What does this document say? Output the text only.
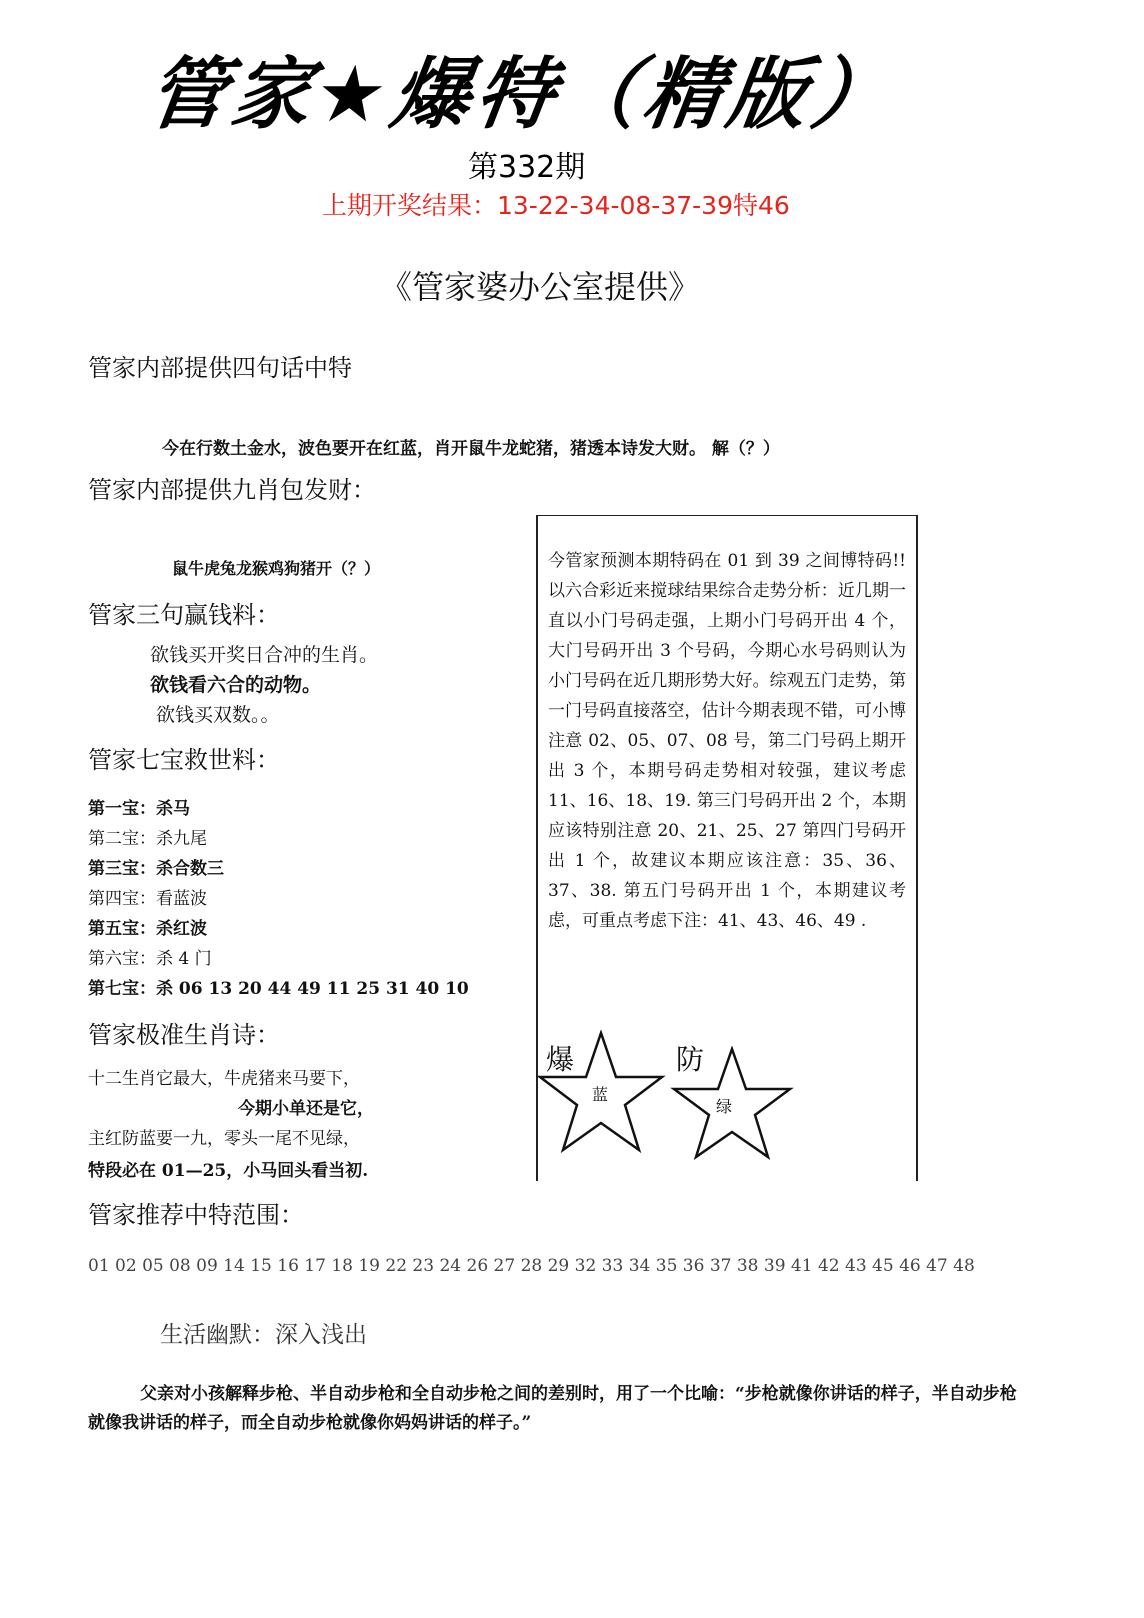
管家★爆特（精版）
第332期
上期开奖结果：13-22-34-08-37-39特46
《管家婆办公室提供》
管家内部提供四句话中特
今在行数土金水，波色要开在红蓝，肖开鼠牛龙蛇猪，猪透本诗发大财。 解（？）
管家内部提供九肖包发财：
鼠牛虎兔龙猴鸡狗猪开（？）
管家三句赢钱料：
欲钱买开奖日合冲的生肖。
欲钱看六合的动物。
欲钱买双数。。
管家七宝救世料：
第一宝：杀马
第二宝：杀九尾
第三宝：杀合数三
第四宝：看蓝波
第五宝：杀红波
第六宝：杀 4 门
第七宝：杀 06 13 20 44 49 11 25 31 40 10
管家极准生肖诗：
十二生肖它最大，牛虎猪来马要下，
今期小单还是它，
主红防蓝要一九，零头一尾不见绿，
特段必在 01—25，小马回头看当初.
今管家预测本期特码在 01 到 39 之间博特码!! 以六合彩近来搅球结果综合走势分析：近几期一直以小门号码走强，上期小门号码开出 4 个，大门号码开出 3 个号码，今期心水号码则认为小门号码在近几期形势大好。综观五门走势，第一门号码直接落空，估计今期表现不错，可小博注意 02、05、07、08 号，第二门号码上期开出 3 个，本期号码走势相对较强，建议考虑 11、16、18、19. 第三门号码开出 2 个，本期应该特别注意 20、21、25、27 第四门号码开出 1 个，故建议本期应该注意：35、36、37、38. 第五门号码开出 1 个，本期建议考虑，可重点考虑下注：41、43、46、49 .
爆
蓝
防
绿
管家推荐中特范围：
01 02 05 08 09 14 15 16 17 18 19 22 23 24 26 27 28 29 32 33 34 35 36 37 38 39 41 42 43 45 46 47 48
生活幽默：深入浅出
父亲对小孩解释步枪、半自动步枪和全自动步枪之间的差别时，用了一个比喻：“步枪就像你讲话的样子，半自动步枪就像我讲话的样子，而全自动步枪就像你妈妈讲话的样子。”
